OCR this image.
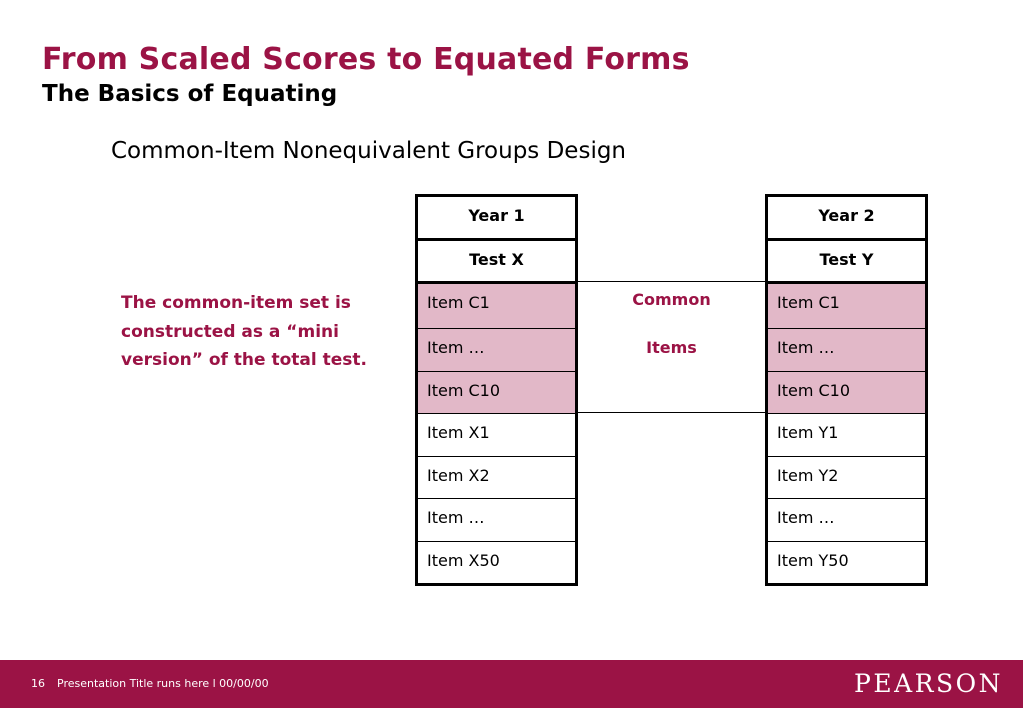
From Scaled Scores to Equated Forms
The Basics of Equating
Common-Item Nonequivalent Groups Design
The common-item set is constructed as a “mini version” of the total test.
Year 1
Test X
Item C1
Item …
Item C10
Item X1
Item X2
Item …
Item X50
Year 2
Test Y
Item C1
Item …
Item C10
Item Y1
Item Y2
Item …
Item Y50
Common
Items
16 Presentation Title runs here l 00/00/00	PEARSON
